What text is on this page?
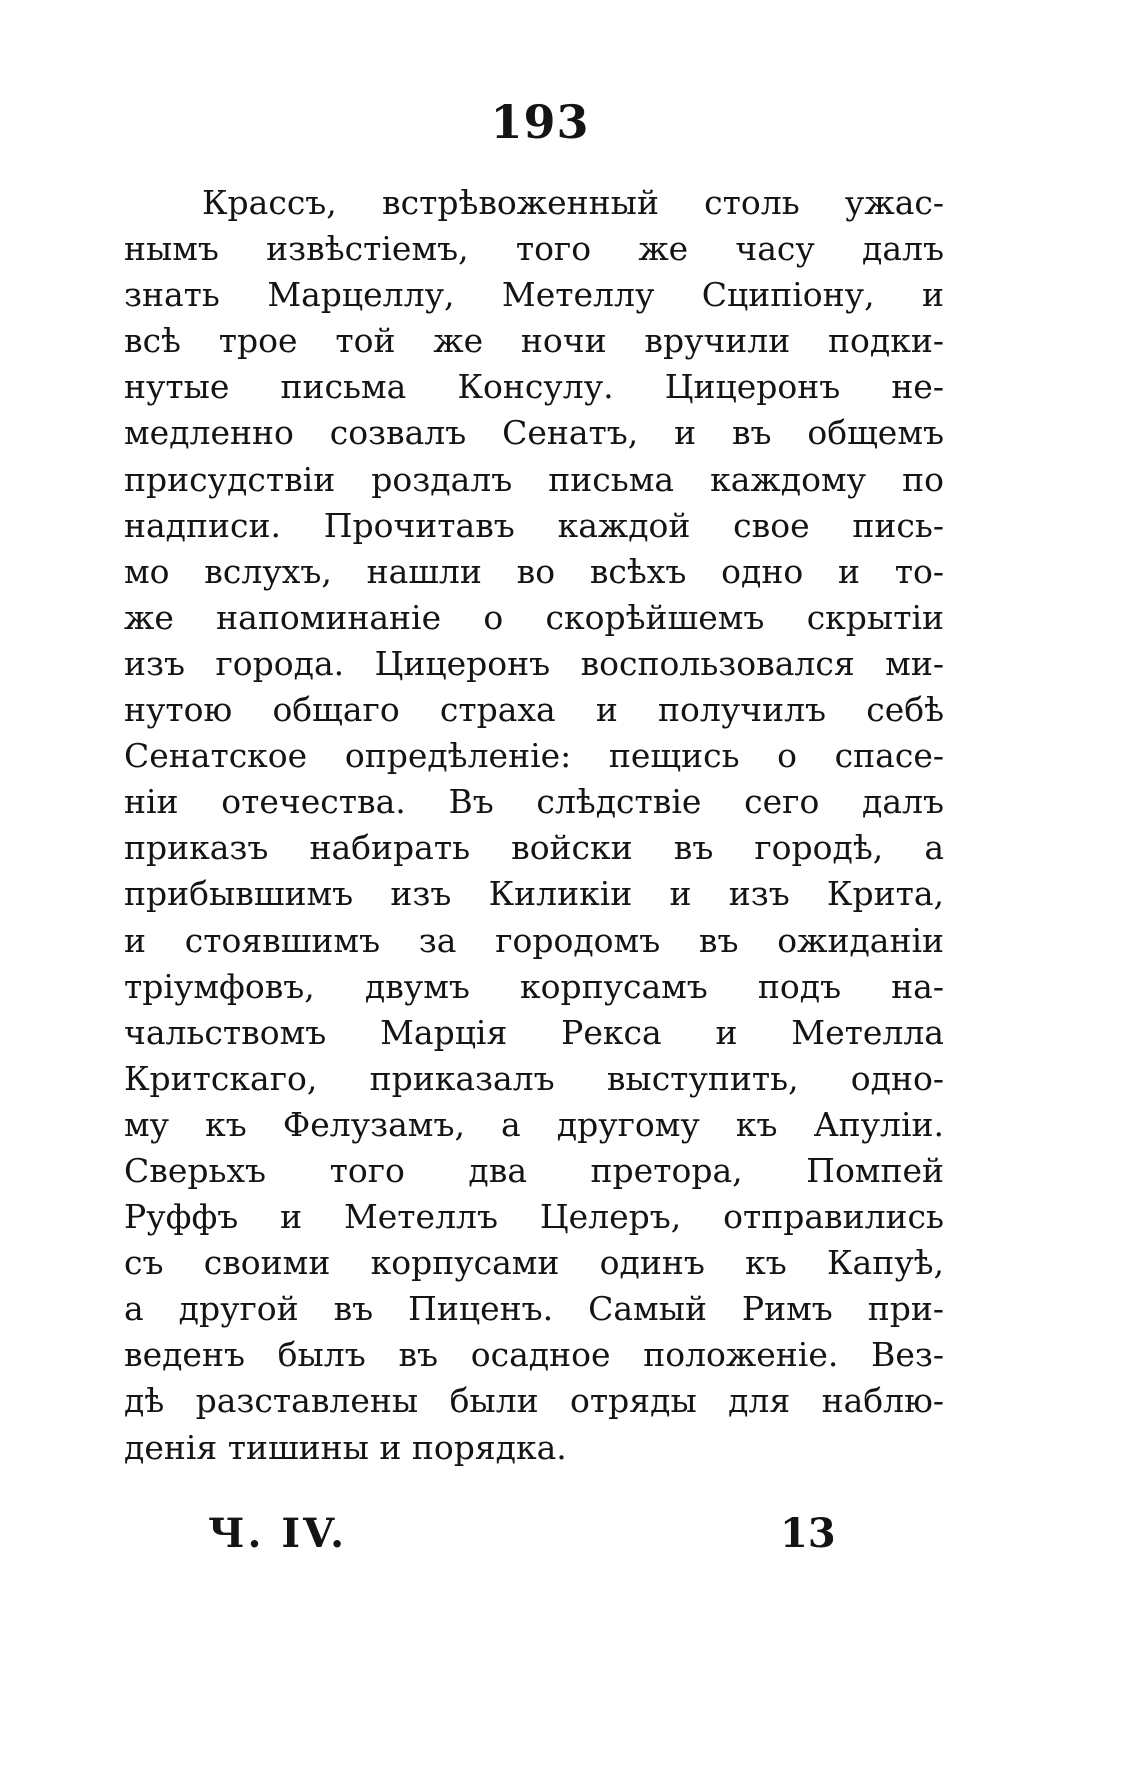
193
Крассъ, встрѣвоженный столь ужас-
нымъ извѣстіемъ, того же часу далъ
знать Марцеллу, Метеллу Сципіону, и
всѣ трое той же ночи вручили подки-
нутые письма Консулу. Цицеронъ не-
медленно созвалъ Сенатъ, и въ общемъ
присудствіи роздалъ письма каждому по
надписи. Прочитавъ каждой свое пись-
мо вслухъ, нашли во всѣхъ одно и то-
же напоминаніе о скорѣйшемъ скрытіи
изъ города. Цицеронъ воспользовался ми-
нутою общаго страха и получилъ себѣ
Сенатское опредѣленіе: пещись о спасе-
ніи отечества. Въ слѣдствіе сего далъ
приказъ набирать войски въ городѣ, а
прибывшимъ изъ Киликіи и изъ Крита,
и стоявшимъ за городомъ въ ожиданіи
тріумфовъ, двумъ корпусамъ подъ на-
чальствомъ Марція Рекса и Метелла
Критскаго, приказалъ выступить, одно-
му къ Фелузамъ, а другому къ Апуліи.
Сверьхъ того два претора, Помпей
Руффъ и Метеллъ Целеръ, отправились
съ своими корпусами одинъ къ Капуѣ,
а другой въ Пиценъ. Самый Римъ при-
веденъ былъ въ осадное положеніе. Вез-
дѣ разставлены были отряды для наблю-
денія тишины и порядка.
Ч. IV.	13
